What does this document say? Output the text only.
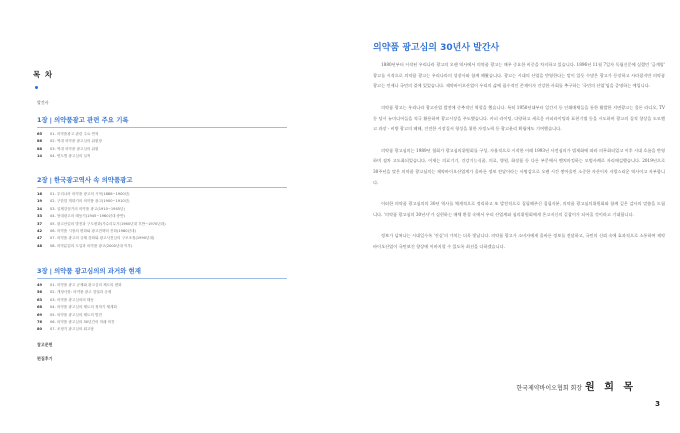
목 차
발간사
1장 | 의약품광고 관련 주요 기록
65	01. 의약품광고 관련 주요 연혁
86	02. 역대 의약품 광고심의 위원장
88	03. 역대 의약품 광고심의 위원
14	04. 연도별 광고심의 실적
2장 | 한국광고역사 속 의약품광고
16	01. 우리나라 의약품 광고의 시작(1886~1900년)
19	02. 구한말 개화기의 의약품 광고(1900~1910년)
24	03. 일제강점기의 의약품 광고(1910~1945년)
33	04. 현대광고의 태동기(1945~1960년대 중반)
37	05. 광고산업의 발전과 구도변화(가수리무기(1960년대 후반~1970년대)
42	06. 의약품 시장의 변화와 광고전략의 진화(1980년대)
47	07. 의약품 광고의 규제 강화와 광고사전심의 구조조정(1990년대)
48	08. 의약분업의 도입과 의약품 광고(2000년대 이후)
3장 | 의약품 광고심의의 과거와 현재
49	01. 의약품 광고 규제와 광고심의 제도의 변화
56	02. 개정사항: 의약품 광고 검열과 규제
63	03. 의약품 광고심의의 태동
68	04. 의약품 광고심의 제도의 정착기 체계화
69	05. 의약품 광고심의 제도의 발전
76	06. 의약품 광고심의 30년간의 미래 비전
80	07. 조정기 광고심의 회고담
참고문헌
편집후기
의약품 광고심의 30년사 발간사

1880년부터 시작된 우리나라 광고의 오랜 역사에서 의약품 광고는 매우 중요한 비중을 차지하고 있습니다. 1896년 11월 7일자 독립신문에 실렸던 '금계랍' 광고를 시작으로 의약품 광고는 우리나라의 성장사와 함께 해왔습니다. 광고는 시대의 산업을 반영한다는 말이 있듯 수많은 광고가 등장하고 사라졌지만 의약품 광고는 언제나 국민의 곁에 있었습니다. 제약바이오산업이 우리의 삶에 필수적인 존재이자 건강한 사회를 추구하는 '국민의 산업'임을 증명하는 예입니다.

의약품 광고는 우리나라 광고산업 발전에 중추적인 역할을 했습니다. 특히 1950년대부터 일간지 등 인쇄매체들을 통한 활발한 지면광고는 물론 라디오, TV 등 당시 뉴미디어들을 적극 활용하며 광고시장을 주도했습니다. 카피 라이팅, 다양하고 새로운 카피라이팅과 표현기법 등을 시도하며 광고의 질적 향상을 도모했고 과장ㆍ비방 광고의 폐해, 건전한 시장질서 형성을 위한 자정노력 등 광고윤리 확립에도 기여했습니다.

의약품 광고심의는 1989년 협회가 광고심의위원회를 구성, 자율적으로 시작한 이래 1993년 사전심의가 법제화에 따라 의무화되었고 이후 시대 흐름을 반영하며 점차 고도화되었습니다. 이제는 의료기기, 건강기능식품, 의료, 방원, 화장품 등 다른 부문에서 벤치마킹하는 모범사례로 자리매김했습니다. 2019년으로 30주년을 맞은 의약품 광고심의는 제약바이오산업계가 올바른 정보 전달이라는 사명감으로 오랜 시간 쌓아올린 소중한 자산이자 자랑스러운 역사이고 자부합니다.

이러한 의약품 광고심의의 30년 역사를 체계적으로 정리하고 또 발전적으로 집필해주신 집필자분, 의약품 광고심의위원회와 함께 깊은 감사의 말씀을 드립니다. '의약품 광고심의 30년사'가 실현하는 매체 환경 속에서 우리 산업계와 심의위원회에게 온고지신의 길잡이가 되어줄 것이라고 기대합니다.

정보가 넘쳐나는 시대일수록 '진실'의 가치는 더욱 빛납니다. 의약품 광고가 소비자에게 올바른 정보를 전달하고, 국민의 신뢰 속에 효과적으로 소통하여 제약바이오산업이 국민보건 향상에 이바지할 수 있도록 최선을 다하겠습니다.

한국제약바이오협회 회장 원 희 목
3
